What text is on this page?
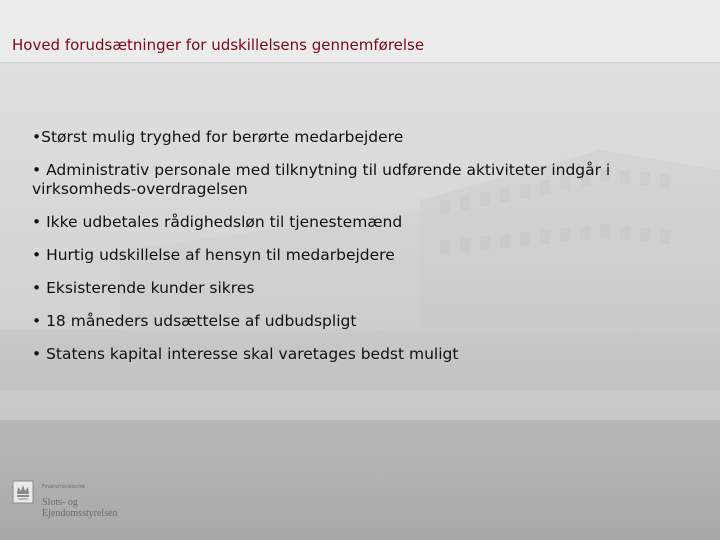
Hoved forudsætninger for udskillelsens gennemførelse
•Størst mulig tryghed for berørte medarbejdere
• Administrativ personale med tilknytning til udførende aktiviteter indgår i virksomheds-overdragelsen
• Ikke udbetales rådighedsløn til tjenestemænd
• Hurtig udskillelse af hensyn til medarbejdere
• Eksisterende kunder sikres
• 18 måneders udsættelse af udbudspligt
• Statens kapital interesse skal varetages bedst muligt
Finansministeriet
Slots- og
Ejendomsstyrelsen
